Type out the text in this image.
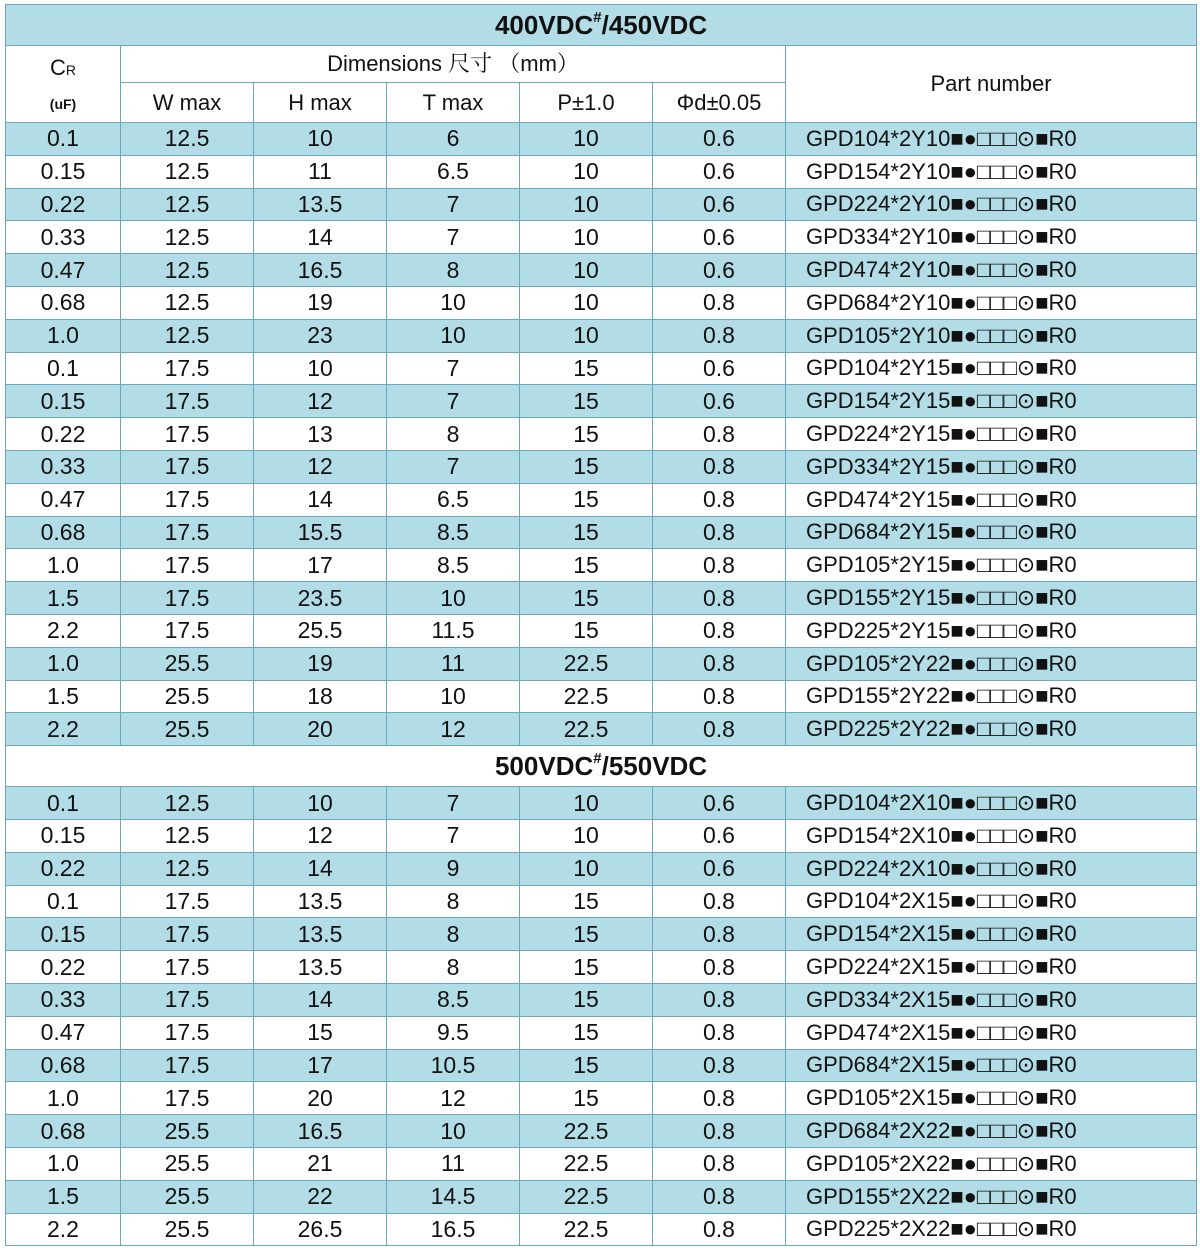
400VDC#/450VDC						

CR
(uF)	Dimensions 尺寸 （mm）					Part number
	W max	H max	T max	P±1.0	Φd±0.05	
0.1	12.5	10	6	10	0.6	GPD104*2Y10■●□□□⊙■R0
0.15	12.5	11	6.5	10	0.6	GPD154*2Y10■●□□□⊙■R0
0.22	12.5	13.5	7	10	0.6	GPD224*2Y10■●□□□⊙■R0
0.33	12.5	14	7	10	0.6	GPD334*2Y10■●□□□⊙■R0
0.47	12.5	16.5	8	10	0.6	GPD474*2Y10■●□□□⊙■R0
0.68	12.5	19	10	10	0.8	GPD684*2Y10■●□□□⊙■R0
1.0	12.5	23	10	10	0.8	GPD105*2Y10■●□□□⊙■R0
0.1	17.5	10	7	15	0.6	GPD104*2Y15■●□□□⊙■R0
0.15	17.5	12	7	15	0.6	GPD154*2Y15■●□□□⊙■R0
0.22	17.5	13	8	15	0.8	GPD224*2Y15■●□□□⊙■R0
0.33	17.5	12	7	15	0.8	GPD334*2Y15■●□□□⊙■R0
0.47	17.5	14	6.5	15	0.8	GPD474*2Y15■●□□□⊙■R0
0.68	17.5	15.5	8.5	15	0.8	GPD684*2Y15■●□□□⊙■R0
1.0	17.5	17	8.5	15	0.8	GPD105*2Y15■●□□□⊙■R0
1.5	17.5	23.5	10	15	0.8	GPD155*2Y15■●□□□⊙■R0
2.2	17.5	25.5	11.5	15	0.8	GPD225*2Y15■●□□□⊙■R0
1.0	25.5	19	11	22.5	0.8	GPD105*2Y22■●□□□⊙■R0
1.5	25.5	18	10	22.5	0.8	GPD155*2Y22■●□□□⊙■R0
2.2	25.5	20	12	22.5	0.8	GPD225*2Y22■●□□□⊙■R0
500VDC#/550VDC						
0.1	12.5	10	7	10	0.6	GPD104*2X10■●□□□⊙■R0
0.15	12.5	12	7	10	0.6	GPD154*2X10■●□□□⊙■R0
0.22	12.5	14	9	10	0.6	GPD224*2X10■●□□□⊙■R0
0.1	17.5	13.5	8	15	0.8	GPD104*2X15■●□□□⊙■R0
0.15	17.5	13.5	8	15	0.8	GPD154*2X15■●□□□⊙■R0
0.22	17.5	13.5	8	15	0.8	GPD224*2X15■●□□□⊙■R0
0.33	17.5	14	8.5	15	0.8	GPD334*2X15■●□□□⊙■R0
0.47	17.5	15	9.5	15	0.8	GPD474*2X15■●□□□⊙■R0
0.68	17.5	17	10.5	15	0.8	GPD684*2X15■●□□□⊙■R0
1.0	17.5	20	12	15	0.8	GPD105*2X15■●□□□⊙■R0
0.68	25.5	16.5	10	22.5	0.8	GPD684*2X22■●□□□⊙■R0
1.0	25.5	21	11	22.5	0.8	GPD105*2X22■●□□□⊙■R0
1.5	25.5	22	14.5	22.5	0.8	GPD155*2X22■●□□□⊙■R0
2.2	25.5	26.5	16.5	22.5	0.8	GPD225*2X22■●□□□⊙■R0
